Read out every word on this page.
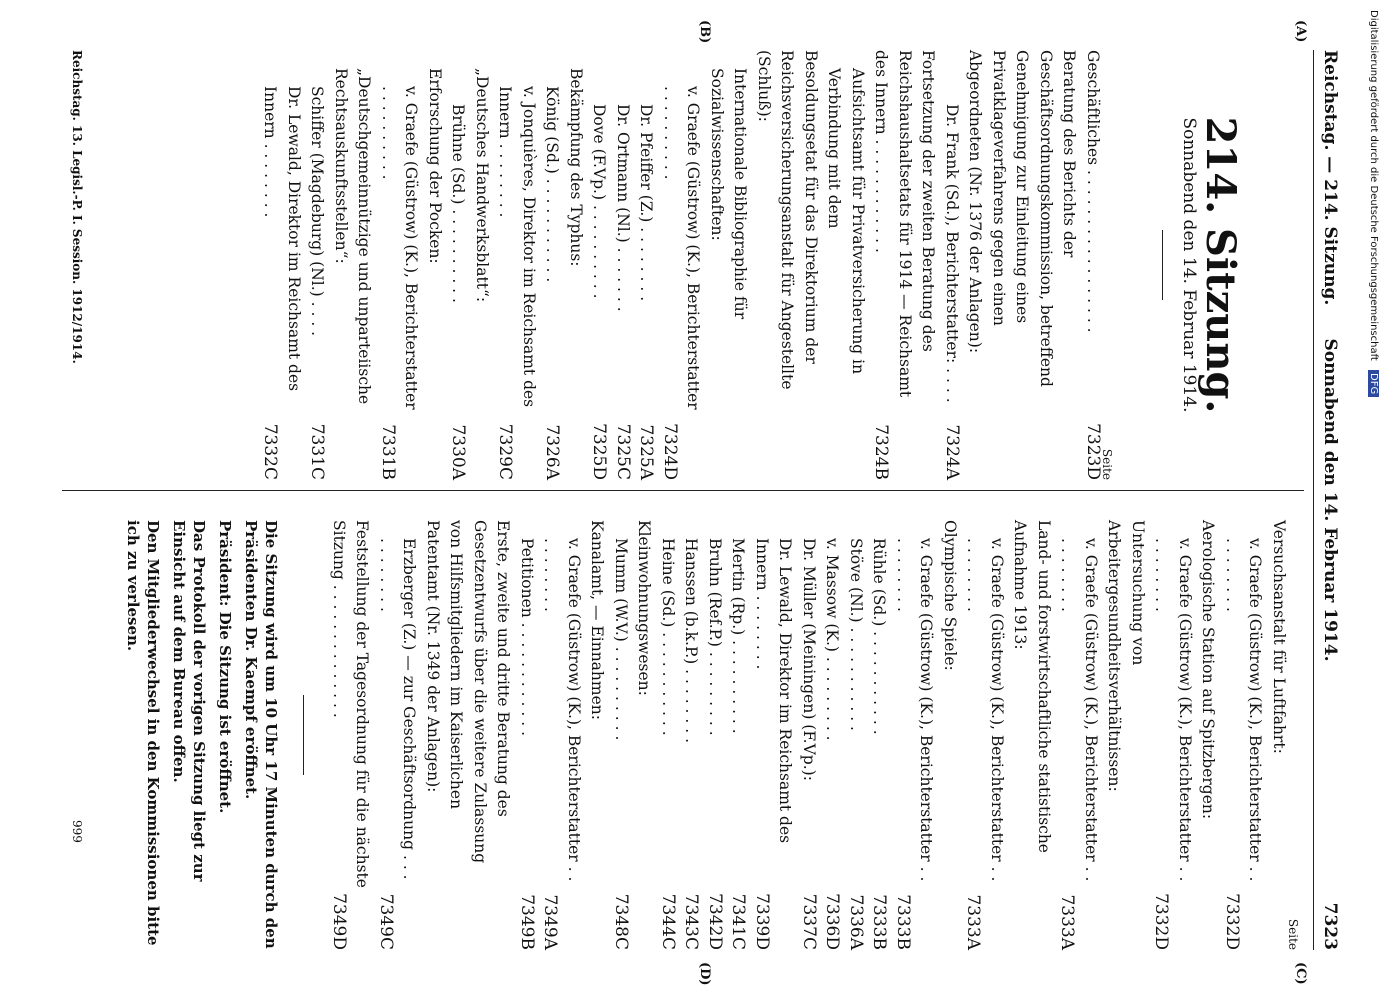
Reichstag. — 214. Sitzung.
Sonnabend den 14. Februar 1914.
7323
(A)
(B)
(C)
(D)
214. Sitzung.
Sonnabend den 14. Februar 1914.
Seite
Geschäftliches . . . . . . . . . . . . . . . . .
7323D
Beratung des Berichts der Geschäftsordnungskommission, betreffend Genehmigung zur Einleitung eines Privatklageverfahrens gegen einen Abgeordneten (Nr. 1376 der Anlagen):
Dr. Frank (Sd.), Berichterstatter: . . . .
7324A
Fortsetzung der zweiten Beratung des Reichshaushaltsetats für 1914 — Reichsamt des Innern . . . . . . . . . . . .
7324B
Aufsichtsamt für Privatversicherung in Verbindung mit dem
Besoldungsetat für das Direktorium der Reichsversicherungsanstalt für Angestellte (Schluß):
Internationale Bibliographie für Sozialwissenschaften:
v. Graefe (Güstrow) (K.), Berichterstatter . . . . . . . . . .
7324D
Dr. Pfeiffer (Z.) . . . . . . . .
7325A
Dr. Ortmann (Nl.) . . . . . . .
7325C
Dove (F.Vp.) . . . . . . . . . .
7325D
Bekämpfung des Typhus:
König (Sd.) . . . . . . . . . . .
7326A
v. Jonquières, Direktor im Reichsamt des Innern . . . . . . . .
7329C
„Deutsches Handwerksblatt“:
Brühne (Sd.) . . . . . . . . . .
7330A
Erforschung der Pocken:
v. Graefe (Güstrow) (K.), Berichterstatter . . . . . . . . . .
7331B
„Deutschgemeinnützige und unparteiische Rechtsauskunftsstellen“:
Schiffer (Magdeburg) (Nl.) . . . .
7331C
Dr. Lewald, Direktor im Reichsamt des Innern . . . . . . . .
7332C
Seite
Versuchsanstalt für Luftfahrt:
v. Graefe (Güstrow) (K.), Berichterstatter . . . . . . . . . .
7332D
Aerologische Station auf Spitzbergen:
v. Graefe (Güstrow) (K.), Berichterstatter . . . . . . . . . .
7332D
Untersuchung von Arbeitergesundheitsverhältnissen:
v. Graefe (Güstrow) (K.), Berichterstatter . . . . . . . . . .
7333A
Land- und forstwirtschaftliche statistische Aufnahme 1913:
v. Graefe (Güstrow) (K.), Berichterstatter . . . . . . . . . .
7333A
Olympische Spiele:
v. Graefe (Güstrow) (K.), Berichterstatter . . . . . . . . . .
7333B
Rühle (Sd.) . . . . . . . . . . .
7333B
Stöve (Nl.) . . . . . . . . . . .
7336A
v. Massow (K.) . . . . . . . . .
7336D
Dr. Müller (Meiningen) (F.Vp.):
7337C
Dr. Lewald, Direktor im Reichsamt des Innern . . . . . . . .
7339D
Mertin (Rp.) . . . . . . . . . .
7341C
Bruhn (Ref.P.) . . . . . . . . .
7342D
Hanssen (b.k.P.) . . . . . . . .
7343C
Heine (Sd.) . . . . . . . . . . .
7344C
Kleinwohnungswesen:
Mumm (W.V.) . . . . . . . . . .
7348C
Kanalamt, — Einnahmen:
v. Graefe (Güstrow) (K.), Berichterstatter . . . . . . . . . .
7349A
Petitionen . . . . . . . . . . . .
7349B
Erste, zweite und dritte Beratung des Gesetzentwurfs über die weitere Zulassung von Hilfsmitgliedern im Kaiserlichen Patentamt (Nr. 1349 der Anlagen):
Erzberger (Z.) — zur Geschäftsordnung . . . . . . . . . . .
7349C
Feststellung der Tagesordnung für die nächste Sitzung . . . . . . . . . . . . . .
7349D
Die Sitzung wird um 10 Uhr 17 Minuten durch den Präsidenten Dr. Kaempf eröffnet.
Präsident: Die Sitzung ist eröffnet.
Das Protokoll der vorigen Sitzung liegt zur Einsicht auf dem Bureau offen.
Den Mitgliederwechsel in den Kommissionen bitte ich zu verlesen.
Reichstag. 13. Legisl.-P. I. Session. 1912/1914.
999
Digitalisierung gefördert durch die Deutsche Forschungsgemeinschaft DFG
